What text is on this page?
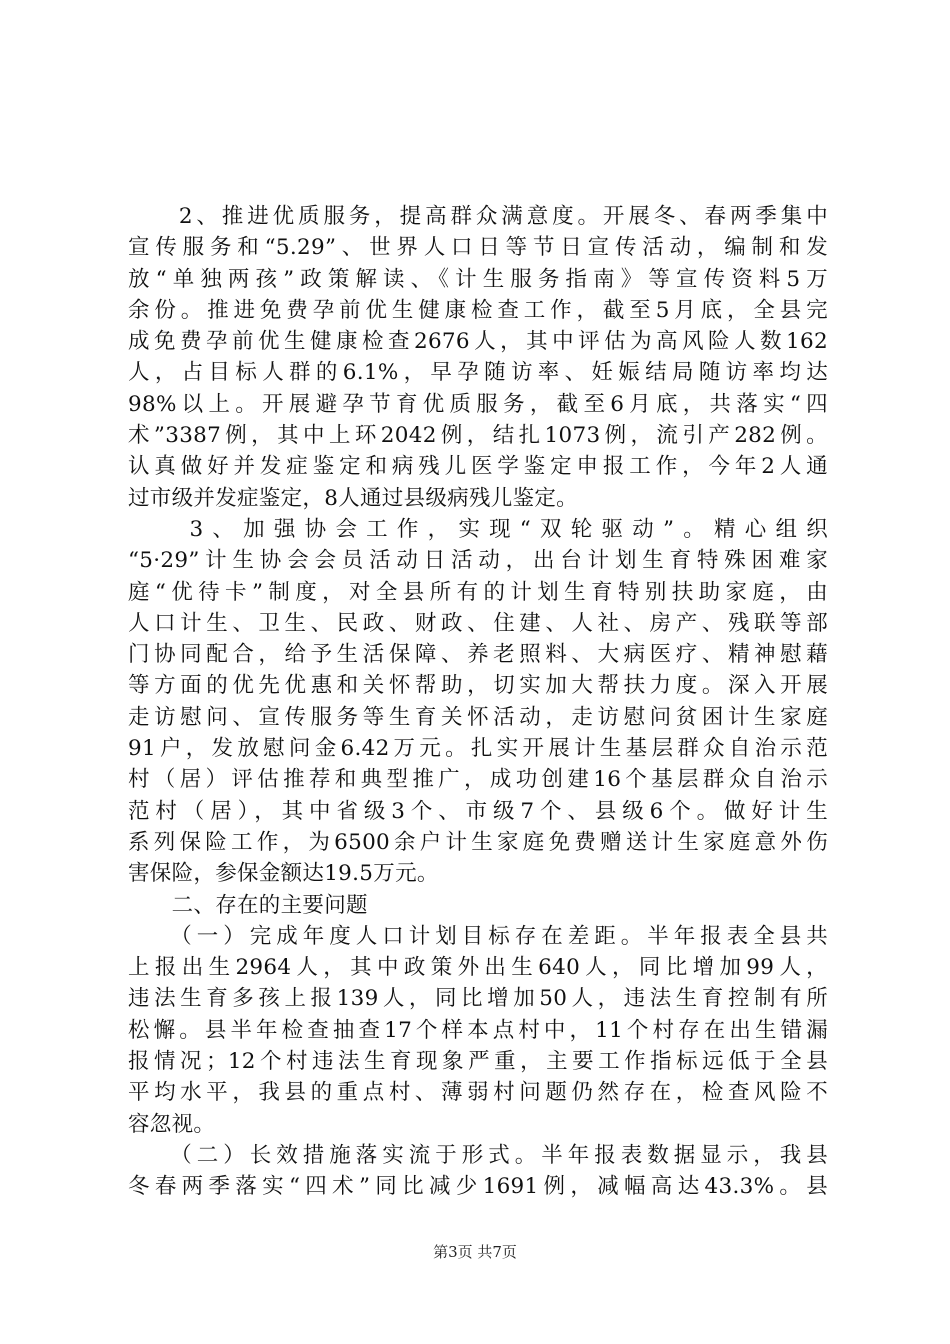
　　2、推进优质服务，提高群众满意度。开展冬、春两季集中
宣传服务和“5.29”、世界人口日等节日宣传活动，编制和发
放“单独两孩”政策解读、《计生服务指南》等宣传资料5万
余份。推进免费孕前优生健康检查工作，截至5月底，全县完
成免费孕前优生健康检查2676人，其中评估为高风险人数162
人，占目标人群的6.1%，早孕随访率、妊娠结局随访率均达
98%以上。开展避孕节育优质服务，截至6月底，共落实“四
术”3387例，其中上环2042例，结扎1073例，流引产282例。
认真做好并发症鉴定和病残儿医学鉴定申报工作，今年2人通
过市级并发症鉴定，8人通过县级病残儿鉴定。
　　3、加强协会工作，实现“双轮驱动”。精心组织
“5·29”计生协会会员活动日活动，出台计划生育特殊困难家
庭“优待卡”制度，对全县所有的计划生育特别扶助家庭，由
人口计生、卫生、民政、财政、住建、人社、房产、残联等部
门协同配合，给予生活保障、养老照料、大病医疗、精神慰藉
等方面的优先优惠和关怀帮助，切实加大帮扶力度。深入开展
走访慰问、宣传服务等生育关怀活动，走访慰问贫困计生家庭
91户，发放慰问金6.42万元。扎实开展计生基层群众自治示范
村（居）评估推荐和典型推广，成功创建16个基层群众自治示
范村（居），其中省级3个、市级7个、县级6个。做好计生
系列保险工作，为6500余户计生家庭免费赠送计生家庭意外伤
害保险，参保金额达19.5万元。
　　二、存在的主要问题
　　（一）完成年度人口计划目标存在差距。半年报表全县共
上报出生2964人，其中政策外出生640人，同比增加99人，
违法生育多孩上报139人，同比增加50人，违法生育控制有所
松懈。县半年检查抽查17个样本点村中，11个村存在出生错漏
报情况；12个村违法生育现象严重，主要工作指标远低于全县
平均水平，我县的重点村、薄弱村问题仍然存在，检查风险不
容忽视。
　　（二）长效措施落实流于形式。半年报表数据显示，我县
冬春两季落实“四术”同比减少1691例，减幅高达43.3%。县
第3页 共7页
